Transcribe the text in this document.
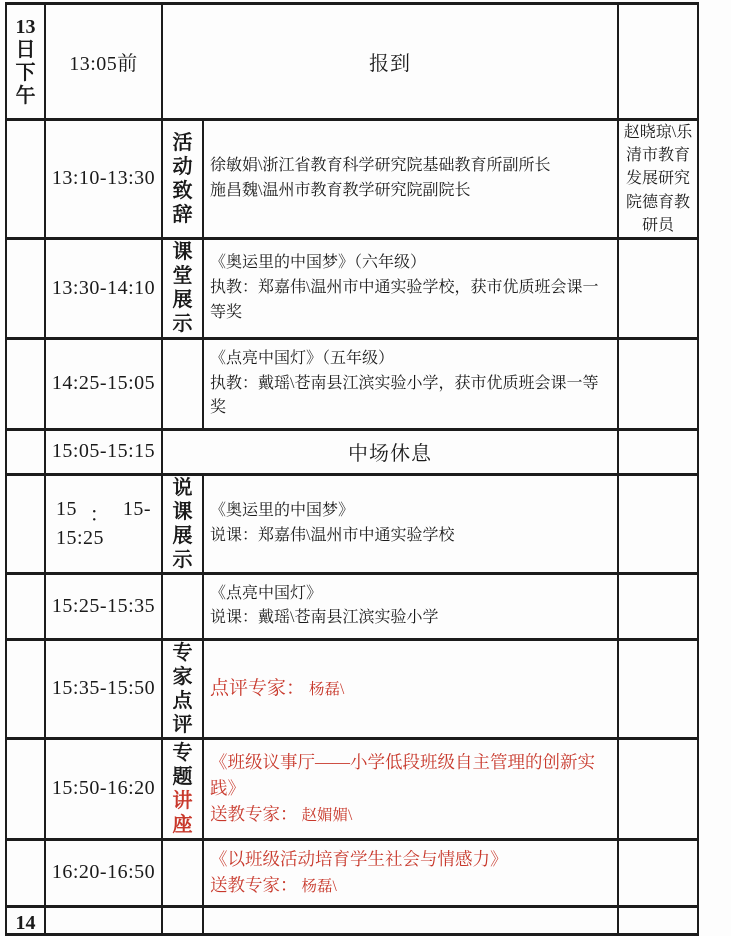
13
日
下
午	13:05前	报到		
	13:10-13:30	活动致辞	徐敏娟\浙江省教育科学研究院基础教育所副所长
施昌魏\温州市教育教学研究院副院长	赵晓琼\乐清市教育发展研究院德育教研员
	13:30-14:10	课堂展示	《奥运里的中国梦》（六年级）
执教：郑嘉伟\温州市中通实验学校，获市优质班会课一等奖	
	14:25-15:05		《点亮中国灯》（五年级）
执教：戴瑶\苍南县江滨实验小学，获市优质班会课一等奖	
	15:05-15:15	中场休息		

	15 ： 15-
15:25	说课展示	《奥运里的中国梦》
说课：郑嘉伟\温州市中通实验学校	
	15:25-15:35		《点亮中国灯》
说课：戴瑶\苍南县江滨实验小学	
	15:35-15:50	专家点评	点评专家： 杨磊\	
	15:50-16:20	专题讲座	《班级议事厅——小学低段班级自主管理的创新实践》
送教专家： 赵媚媚\	
	16:20-16:50		《以班级活动培育学生社会与情感力》
送教专家： 杨磊\	

14				
